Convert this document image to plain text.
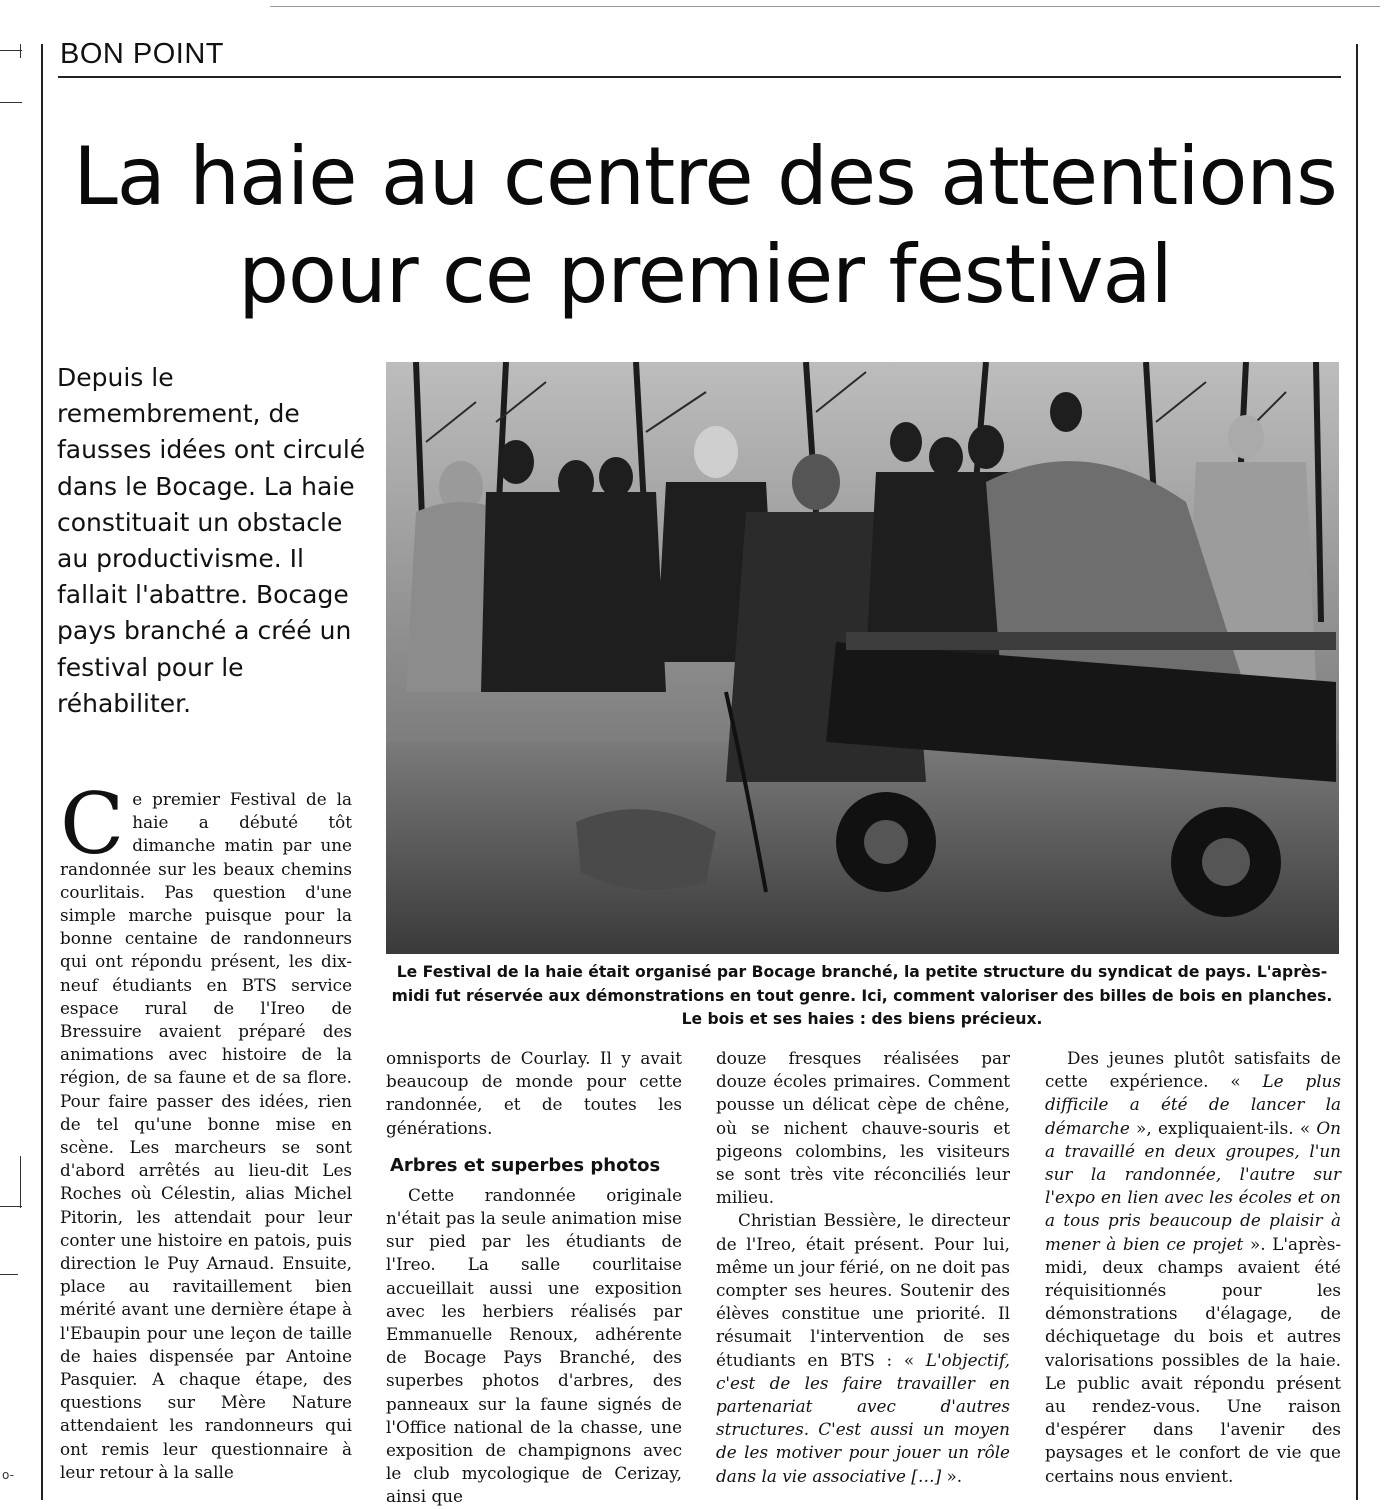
o-
BON POINT
La haie au centre des attentions
pour ce premier festival
Depuis le remembrement, de fausses idées ont circulé dans le Bocage. La haie constituait un obstacle au productivisme. Il fallait l'abattre. Bocage pays branché a créé un festival pour le réhabiliter.
Le Festival de la haie était organisé par Bocage branché, la petite structure du syndicat de pays. L'après-midi fut réservée aux démonstrations en tout genre. Ici, comment valoriser des billes de bois en planches. Le bois et ses haies : des biens précieux.

Ce premier Festival de la haie a débuté tôt dimanche matin par une randonnée sur les beaux chemins courlitais. Pas question d'une simple marche puisque pour la bonne centaine de randonneurs qui ont répondu présent, les dix-neuf étudiants en BTS service espace rural de l'Ireo de Bressuire avaient préparé des animations avec histoire de la région, de sa faune et de sa flore. Pour faire passer des idées, rien de tel qu'une bonne mise en scène. Les marcheurs se sont d'abord arrêtés au lieu-dit Les Roches où Célestin, alias Michel Pitorin, les attendait pour leur conter une histoire en patois, puis direction le Puy Arnaud. Ensuite, place au ravitaillement bien mérité avant une dernière étape à l'Ebaupin pour une leçon de taille de haies dispensée par Antoine Pasquier. A chaque étape, des questions sur Mère Nature attendaient les randonneurs qui ont remis leur questionnaire à leur retour à la salle

omnisports de Courlay. Il y avait beaucoup de monde pour cette randonnée, et de toutes les générations.

Arbres et superbes photos

Cette randonnée originale n'était pas la seule animation mise sur pied par les étudiants de l'Ireo. La salle courlitaise accueillait aussi une exposition avec les herbiers réalisés par Emmanuelle Renoux, adhérente de Bocage Pays Branché, des superbes photos d'arbres, des panneaux sur la faune signés de l'Office national de la chasse, une exposition de champignons avec le club mycologique de Cerizay, ainsi que

douze fresques réalisées par douze écoles primaires. Comment pousse un délicat cèpe de chêne, où se nichent chauve-souris et pigeons colombins, les visiteurs se sont très vite réconciliés leur milieu.

Christian Bessière, le directeur de l'Ireo, était présent. Pour lui, même un jour férié, on ne doit pas compter ses heures. Soutenir des élèves constitue une priorité. Il résumait l'intervention de ses étudiants en BTS : « L'objectif, c'est de les faire travailler en partenariat avec d'autres structures. C'est aussi un moyen de les motiver pour jouer un rôle dans la vie associative […] ».

Des jeunes plutôt satisfaits de cette expérience. « Le plus difficile a été de lancer la démarche », expliquaient-ils. « On a travaillé en deux groupes, l'un sur la randonnée, l'autre sur l'expo en lien avec les écoles et on a tous pris beaucoup de plaisir à mener à bien ce projet ». L'après-midi, deux champs avaient été réquisitionnés pour les démonstrations d'élagage, de déchiquetage du bois et autres valorisations possibles de la haie. Le public avait répondu présent au rendez-vous. Une raison d'espérer dans l'avenir des paysages et le confort de vie que certains nous envient.
